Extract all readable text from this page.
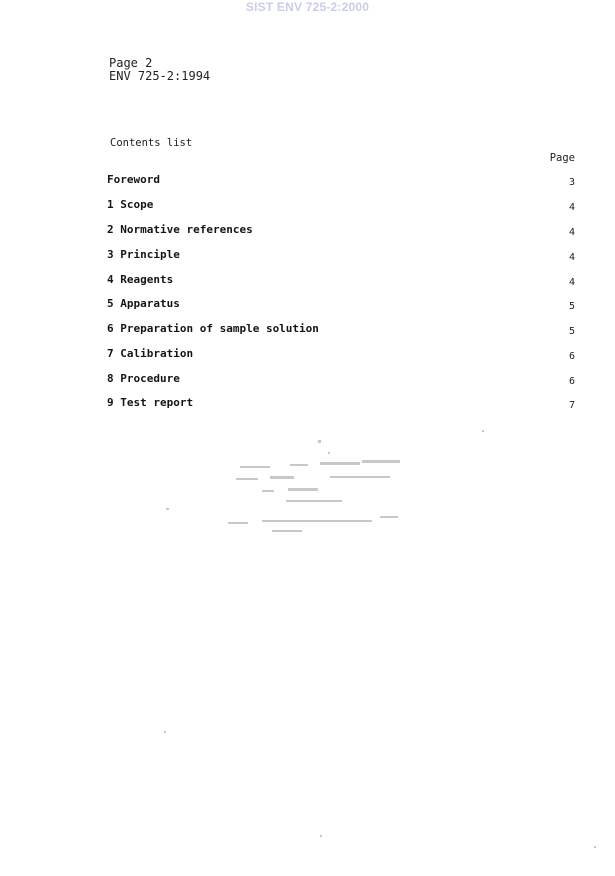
SIST ENV 725-2:2000
Page 2
ENV 725-2:1994
Contents list
Page
Foreword	3
1 Scope	4
2 Normative references	4
3 Principle	4
4 Reagents	4
5 Apparatus	5
6 Preparation of sample solution	5
7 Calibration	6
8 Procedure	6
9 Test report	7
